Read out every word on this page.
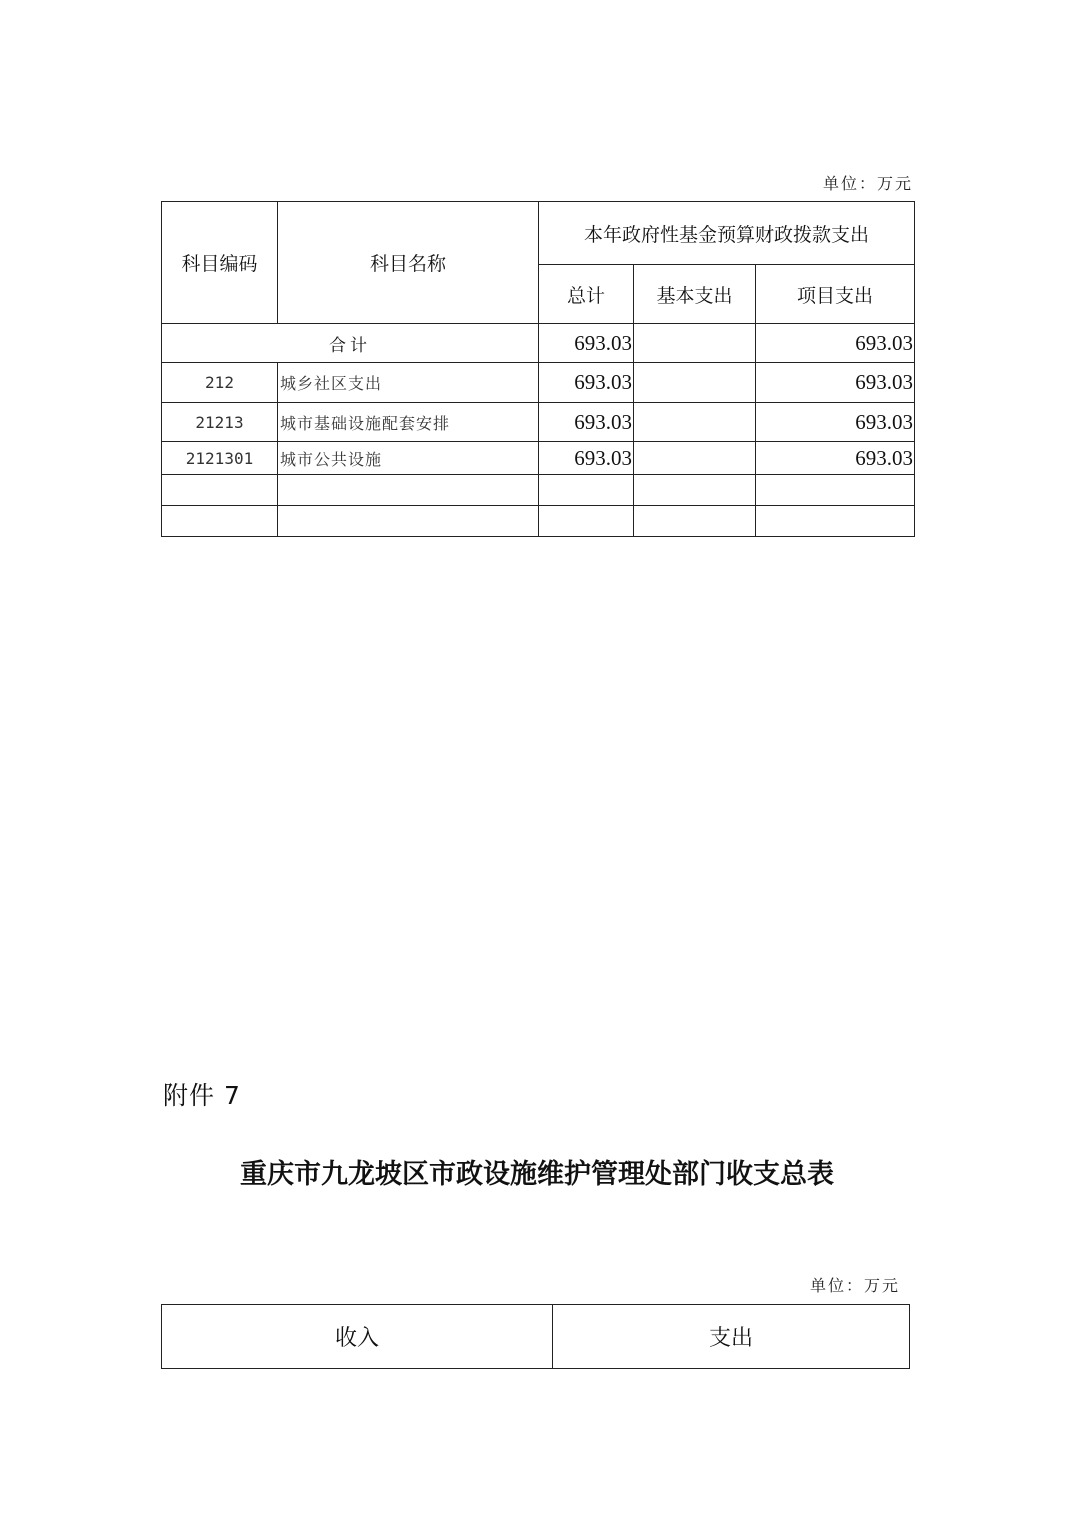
单位：万元
科目编码	科目名称	本年政府性基金预算财政拨款支出		
		总计	基本支出	项目支出
合计		693.03		693.03
212	城乡社区支出	693.03		693.03
21213	城市基础设施配套安排	693.03		693.03
2121301	城市公共设施	693.03		693.03

附件 7
重庆市九龙坡区市政设施维护管理处部门收支总表
单位：万元
收入	支出
